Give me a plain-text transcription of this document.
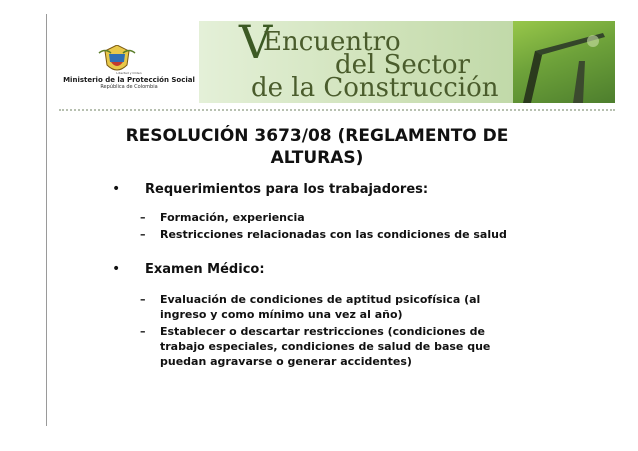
Libertad y Orden
Ministerio de la Protección Social
República de Colombia
V
Encuentro
del Sector
de la Construcción
RESOLUCIÓN 3673/08 (REGLAMENTO DE ALTURAS)
• Requerimientos para los trabajadores:
– Formación, experiencia
– Restricciones relacionadas con las condiciones de salud
• Examen Médico:
– Evaluación de condiciones de aptitud psicofísica (al ingreso y como mínimo una vez al año)
– Establecer o descartar restricciones (condiciones de trabajo especiales, condiciones de salud de base que puedan agravarse o generar accidentes)
